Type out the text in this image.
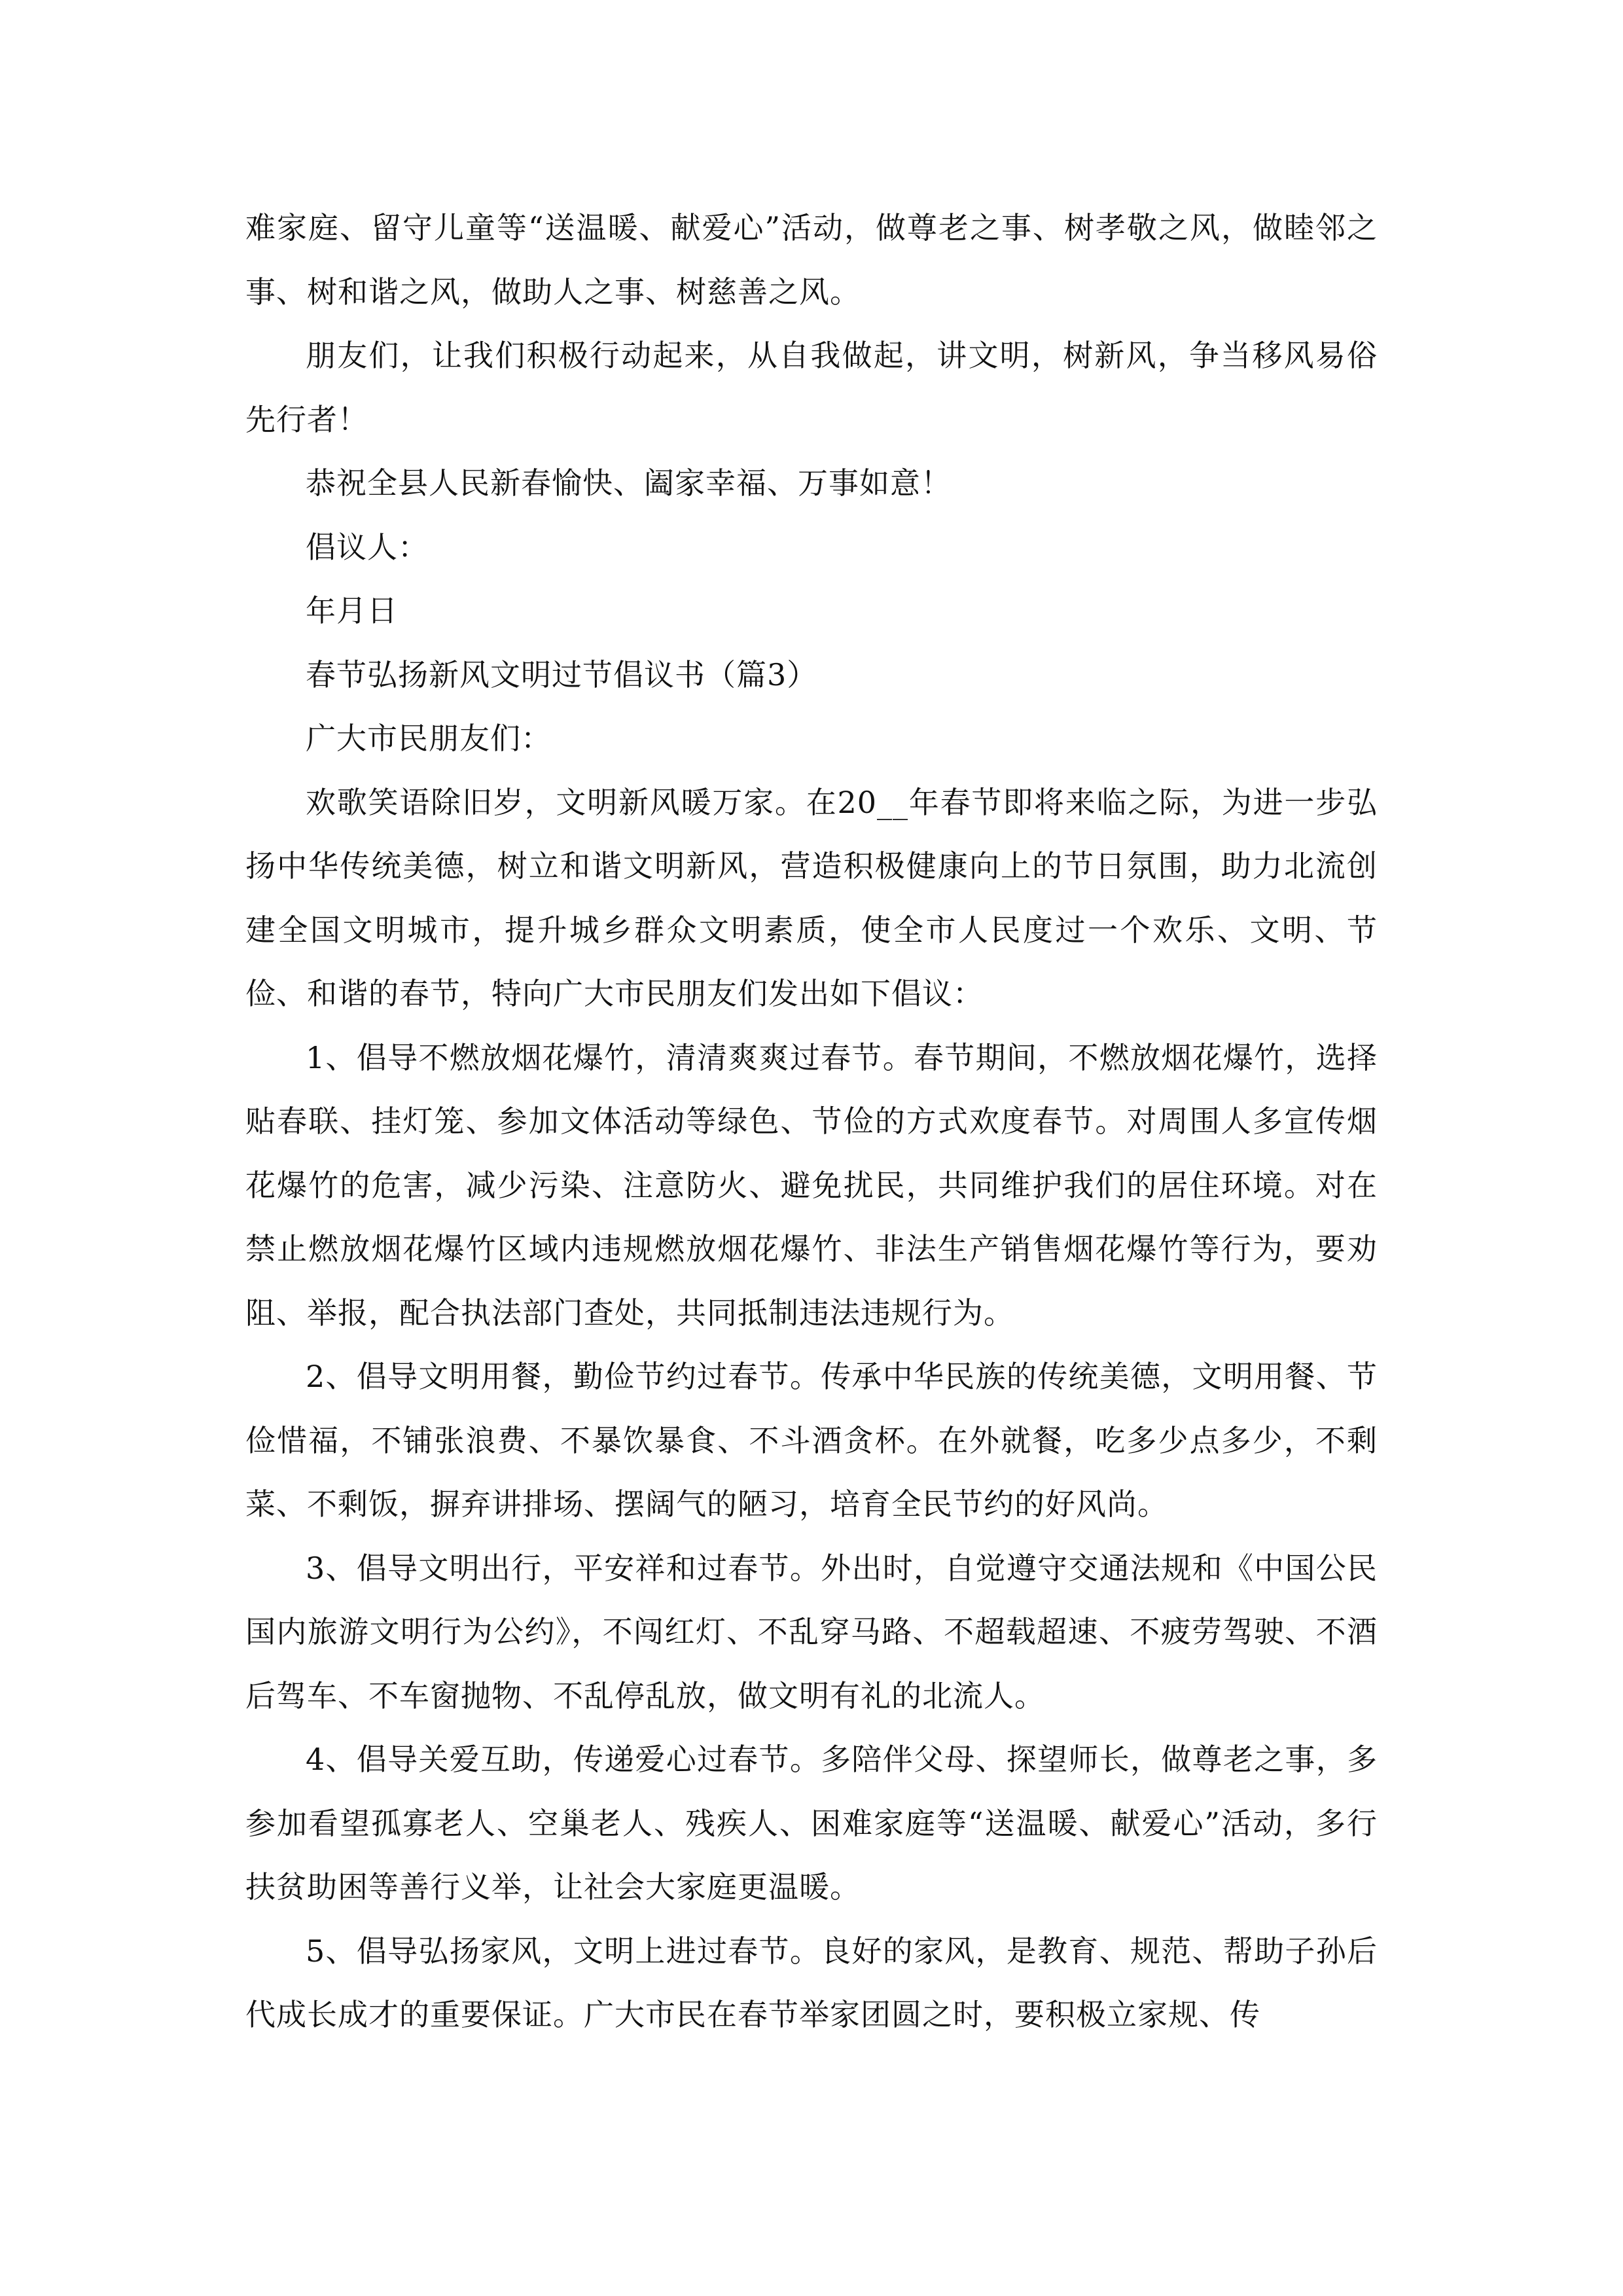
难家庭、留守儿童等“送温暖、献爱心”活动，做尊老之事、树孝敬之风，做睦邻之事、树和谐之风，做助人之事、树慈善之风。

朋友们，让我们积极行动起来，从自我做起，讲文明，树新风，争当移风易俗先行者！

恭祝全县人民新春愉快、阖家幸福、万事如意！

倡议人：

年月日

春节弘扬新风文明过节倡议书（篇3）

广大市民朋友们：

欢歌笑语除旧岁，文明新风暖万家。在20__年春节即将来临之际，为进一步弘扬中华传统美德，树立和谐文明新风，营造积极健康向上的节日氛围，助力北流创建全国文明城市，提升城乡群众文明素质，使全市人民度过一个欢乐、文明、节俭、和谐的春节，特向广大市民朋友们发出如下倡议：

1、倡导不燃放烟花爆竹，清清爽爽过春节。春节期间，不燃放烟花爆竹，选择贴春联、挂灯笼、参加文体活动等绿色、节俭的方式欢度春节。对周围人多宣传烟花爆竹的危害，减少污染、注意防火、避免扰民，共同维护我们的居住环境。对在禁止燃放烟花爆竹区域内违规燃放烟花爆竹、非法生产销售烟花爆竹等行为，要劝阻、举报，配合执法部门查处，共同抵制违法违规行为。

2、倡导文明用餐，勤俭节约过春节。传承中华民族的传统美德，文明用餐、节俭惜福，不铺张浪费、不暴饮暴食、不斗酒贪杯。在外就餐，吃多少点多少，不剩菜、不剩饭，摒弃讲排场、摆阔气的陋习，培育全民节约的好风尚。

3、倡导文明出行，平安祥和过春节。外出时，自觉遵守交通法规和《中国公民国内旅游文明行为公约》，不闯红灯、不乱穿马路、不超载超速、不疲劳驾驶、不酒后驾车、不车窗抛物、不乱停乱放，做文明有礼的北流人。

4、倡导关爱互助，传递爱心过春节。多陪伴父母、探望师长，做尊老之事，多参加看望孤寡老人、空巢老人、残疾人、困难家庭等“送温暖、献爱心”活动，多行扶贫助困等善行义举，让社会大家庭更温暖。

5、倡导弘扬家风，文明上进过春节。良好的家风，是教育、规范、帮助子孙后代成长成才的重要保证。广大市民在春节举家团圆之时，要积极立家规、传
